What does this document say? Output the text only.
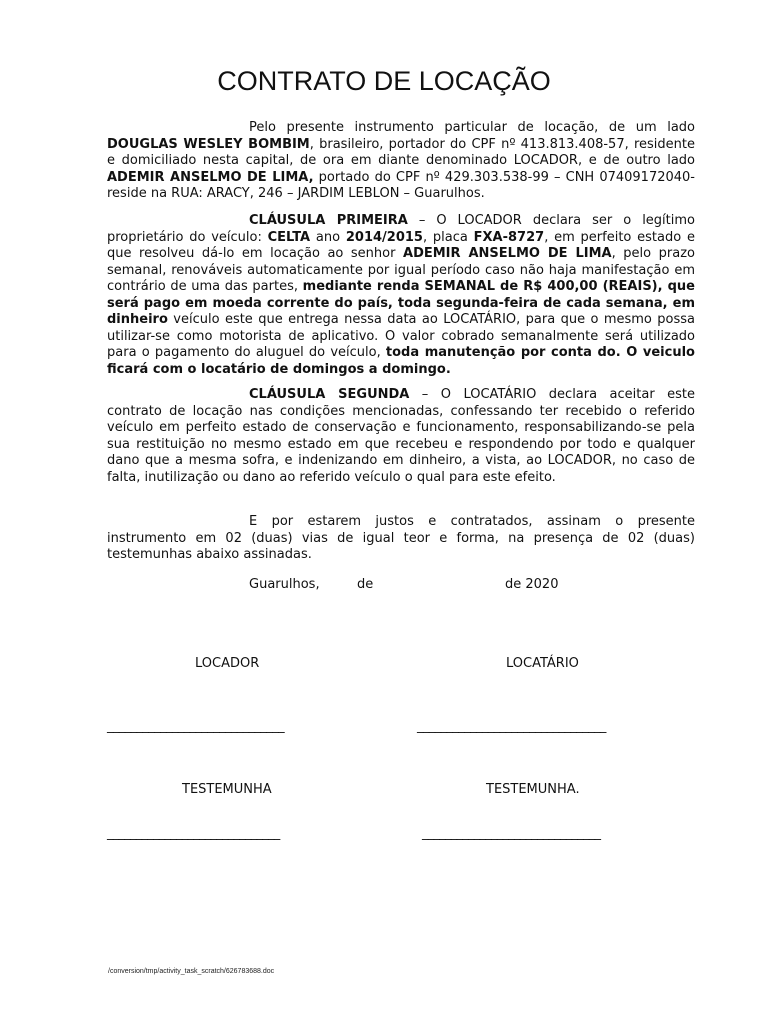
CONTRATO DE LOCAÇÃO

Pelo presente instrumento particular de locação, de um lado DOUGLAS WESLEY BOMBIM, brasileiro, portador do CPF nº 413.813.408-57, residente e domiciliado nesta capital, de ora em diante denominado LOCADOR, e de outro lado ADEMIR ANSELMO DE LIMA, portado do CPF nº 429.303.538-99 – CNH 07409172040- reside na RUA: ARACY, 246 – JARDIM LEBLON – Guarulhos.

CLÁUSULA PRIMEIRA – O LOCADOR declara ser o legítimo proprietário do veículo: CELTA ano 2014/2015, placa FXA-8727, em perfeito estado e que resolveu dá-lo em locação ao senhor ADEMIR ANSELMO DE LIMA, pelo prazo semanal, renováveis automaticamente por igual período caso não haja manifestação em contrário de uma das partes, mediante renda SEMANAL de R$ 400,00 (REAIS), que será pago em moeda corrente do país, toda segunda-feira de cada semana, em dinheiro veículo este que entrega nessa data ao LOCATÁRIO, para que o mesmo possa utilizar-se como motorista de aplicativo. O valor cobrado semanalmente será utilizado para o pagamento do aluguel do veículo, toda manutenção por conta do. O veiculo ficará com o locatário de domingos a domingo.

CLÁUSULA SEGUNDA – O LOCATÁRIO declara aceitar este contrato de locação nas condições mencionadas, confessando ter recebido o referido veículo em perfeito estado de conservação e funcionamento, responsabilizando-se pela sua restituição no mesmo estado em que recebeu e respondendo por todo e qualquer dano que a mesma sofra, e indenizando em dinheiro, a vista, ao LOCADOR, no caso de falta, inutilização ou dano ao referido veículo o qual para este efeito.

E por estarem justos e contratados, assinam o presente instrumento em 02 (duas) vias de igual teor e forma, na presença de 02 (duas) testemunhas abaixo assinadas.

Guarulhos,	de	de 2020
LOCADOR	LOCATÁRIO
______________________________	________________________________
TESTEMUNHA	TESTEMUNHA.
______________________________	_______________________________
/conversion/tmp/activity_task_scratch/626783688.doc
